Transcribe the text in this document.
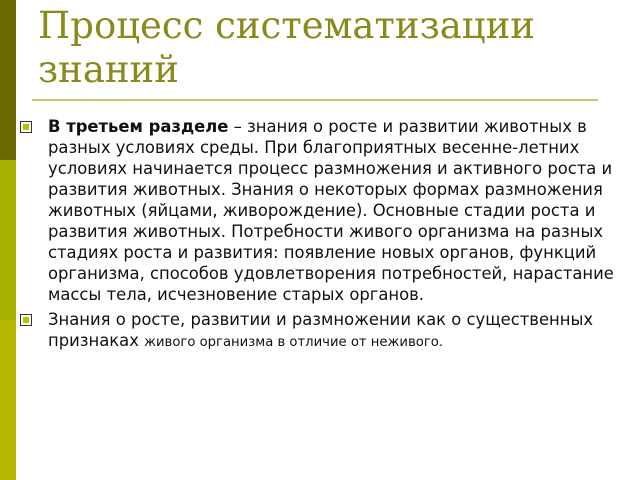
Процесс систематизации знаний
В третьем разделе – знания о росте и развитии животных в разных условиях среды. При благоприятных весенне-летних условиях начинается процесс размножения и активного роста и развития животных. Знания о некоторых формах размножения животных (яйцами, живорождение). Основные стадии роста и развития животных. Потребности живого организма на разных стадиях роста и развития: появление новых органов, функций организма, способов удовлетворения потребностей, нарастание массы тела, исчезновение старых органов.
Знания о росте, развитии и размножении как о существенных признаках живого организма в отличие от неживого.
